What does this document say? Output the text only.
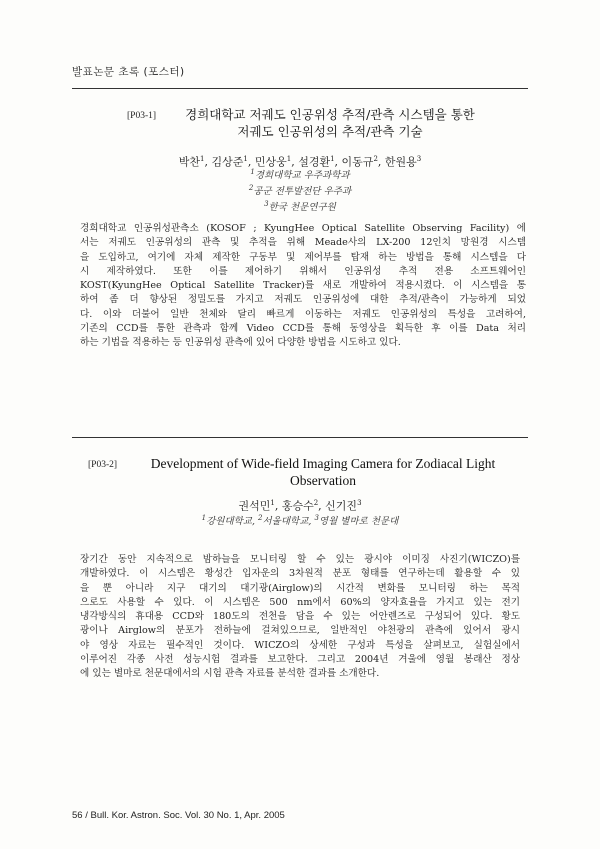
발표논문 초록 (포스터)
[P03-1]	경희대학교 저궤도 인공위성 추적/관측 시스템을 통한
저궤도 인공위성의 추적/관측 기술
박찬$^1$, 김상준$^1$, 민상웅$^1$, 설경환$^1$, 이동규$^2$, 한원용$^3$
$^1$경희대학교 우주과학과
$^2$공군 전투발전단 우주과
$^3$한국 천문연구원
경희대학교 인공위성관측소 (KOSOF ; KyungHee Optical Satellite Observing Facility) 에
서는 저궤도 인공위성의 관측 및 추적을 위해 Meade사의 LX-200 12인치 망원경 시스템
을 도입하고, 여기에 자체 제작한 구동부 및 제어부를 탑재 하는 방법을 통해 시스템을 다
시 제작하였다. 또한 이를 제어하기 위해서 인공위성 추적 전용 소프트웨어인
KOST(KyungHee Optical Satellite Tracker)를 새로 개발하여 적용시켰다. 이 시스템을 통
하여 좀 더 향상된 정밀도를 가지고 저궤도 인공위성에 대한 추적/관측이 가능하게 되었
다. 이와 더불어 일반 천체와 달리 빠르게 이동하는 저궤도 인공위성의 특성을 고려하여,
기존의 CCD를 통한 관측과 함께 Video CCD를 통해 동영상을 획득한 후 이를 Data 처리
하는 기법을 적용하는 등 인공위성 관측에 있어 다양한 방법을 시도하고 있다.
[P03-2]	Development of Wide-field Imaging Camera for Zodiacal Light
Observation
권석민$^1$, 홍승수$^2$, 신기진$^3$
$^1$강원대학교, $^2$서울대학교, $^3$영월 별마로 천문대
장기간 동안 지속적으로 밤하늘을 모니터링 할 수 있는 광시야 이미징 사진기(WICZO)를
개발하였다. 이 시스템은 황성간 입자운의 3차원적 분포 형태를 연구하는데 활용할 수 있
을 뿐 아니라 지구 대기의 대기광(Airglow)의 시간적 변화를 모니터링 하는 목적
으로도 사용할 수 있다. 이 시스템은 500 nm에서 60%의 양자효율을 가지고 있는 전기
냉각방식의 휴대용 CCD와 180도의 전천을 담을 수 있는 어안렌즈로 구성되어 있다. 황도
광이나 Airglow의 분포가 전하늘에 걸쳐있으므로, 일반적인 야천광의 관측에 있어서 광시
야 영상 자료는 필수적인 것이다. WICZO의 상세한 구성과 특성을 살펴보고, 실험실에서
이루어진 각종 사전 성능시험 결과를 보고한다. 그리고 2004년 겨울에 영월 봉래산 정상
에 있는 별마로 천문대에서의 시험 관측 자료를 분석한 결과를 소개한다.
56 / Bull. Kor. Astron. Soc. Vol. 30 No. 1, Apr. 2005
